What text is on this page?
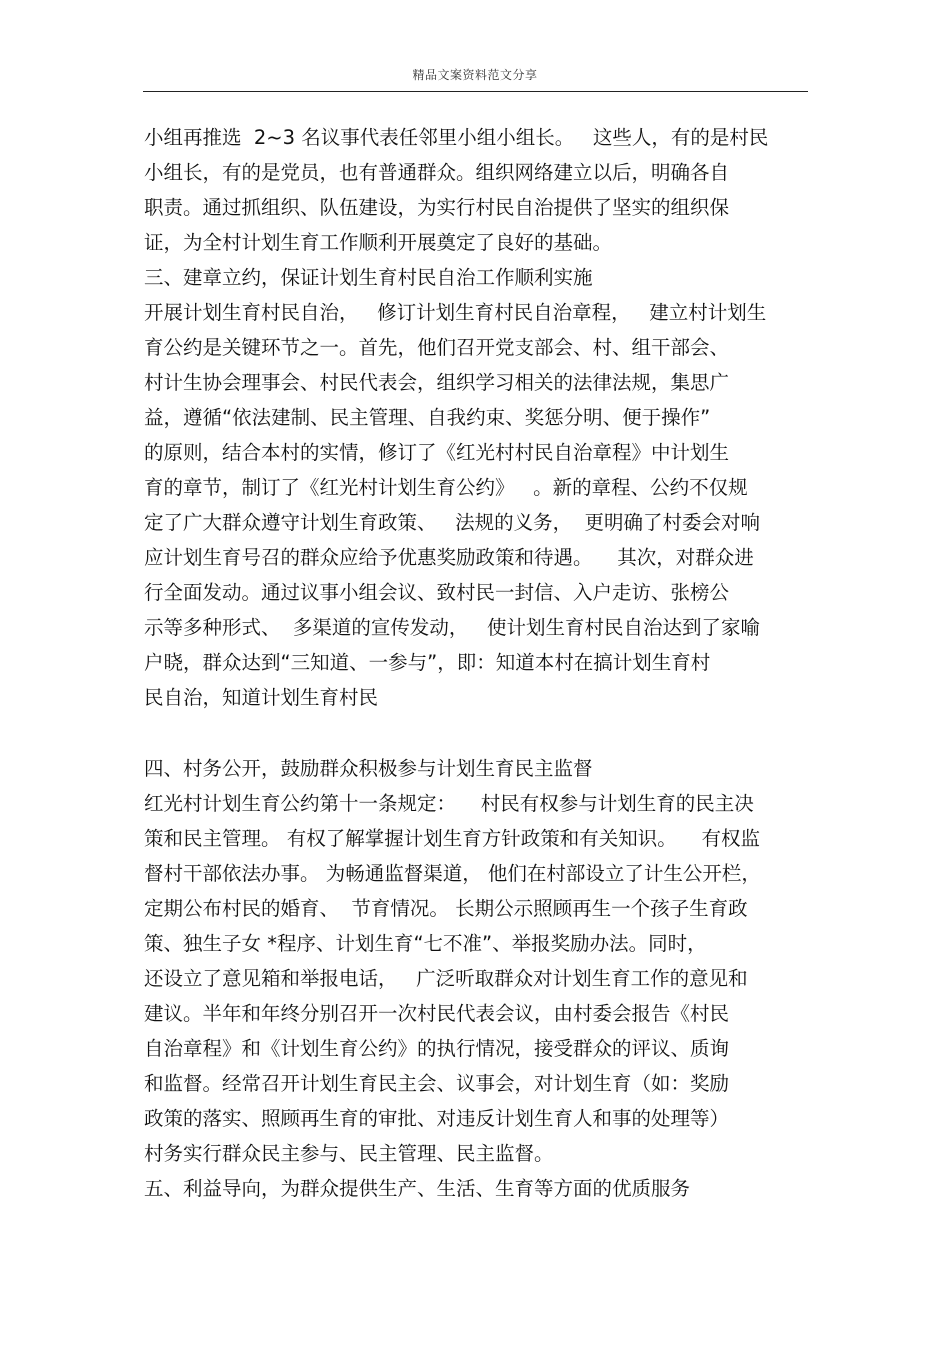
精品文案资料范文分享
小组再推选  2~3 名议事代表任邻里小组小组长。   这些人，有的是村民
小组长，有的是党员，也有普通群众。组织网络建立以后，明确各自
职责。通过抓组织、队伍建设，为实行村民自治提供了坚实的组织保
证，为全村计划生育工作顺利开展奠定了良好的基础。
三、建章立约，保证计划生育村民自治工作顺利实施
开展计划生育村民自治，   修订计划生育村民自治章程，   建立村计划生
育公约是关键环节之一。首先，他们召开党支部会、村、组干部会、
村计生协会理事会、村民代表会，组织学习相关的法律法规，集思广
益，遵循“依法建制、民主管理、自我约束、奖惩分明、便于操作”
的原则，结合本村的实情，修订了《红光村村民自治章程》中计划生
育的章节，制订了《红光村计划生育公约》   。新的章程、公约不仅规
定了广大群众遵守计划生育政策、   法规的义务，  更明确了村委会对响
应计划生育号召的群众应给予优惠奖励政策和待遇。    其次，对群众进
行全面发动。通过议事小组会议、致村民一封信、入户走访、张榜公
示等多种形式、  多渠道的宣传发动，   使计划生育村民自治达到了家喻
户晓，群众达到“三知道、一参与”，即：知道本村在搞计划生育村
民自治，知道计划生育村民
四、村务公开，鼓励群众积极参与计划生育民主监督
红光村计划生育公约第十一条规定：    村民有权参与计划生育的民主决
策和民主管理。 有权了解掌握计划生育方针政策和有关知识。    有权监
督村干部依法办事。 为畅通监督渠道， 他们在村部设立了计生公开栏，
定期公布村民的婚育、  节育情况。 长期公示照顾再生一个孩子生育政
策、独生子女 *程序、计划生育“七不准”、举报奖励办法。同时，
还设立了意见箱和举报电话，   广泛听取群众对计划生育工作的意见和
建议。半年和年终分别召开一次村民代表会议，由村委会报告《村民
自治章程》和《计划生育公约》的执行情况，接受群众的评议、质询
和监督。经常召开计划生育民主会、议事会，对计划生育（如：奖励
政策的落实、照顾再生育的审批、对违反计划生育人和事的处理等）
村务实行群众民主参与、民主管理、民主监督。
五、利益导向，为群众提供生产、生活、生育等方面的优质服务
